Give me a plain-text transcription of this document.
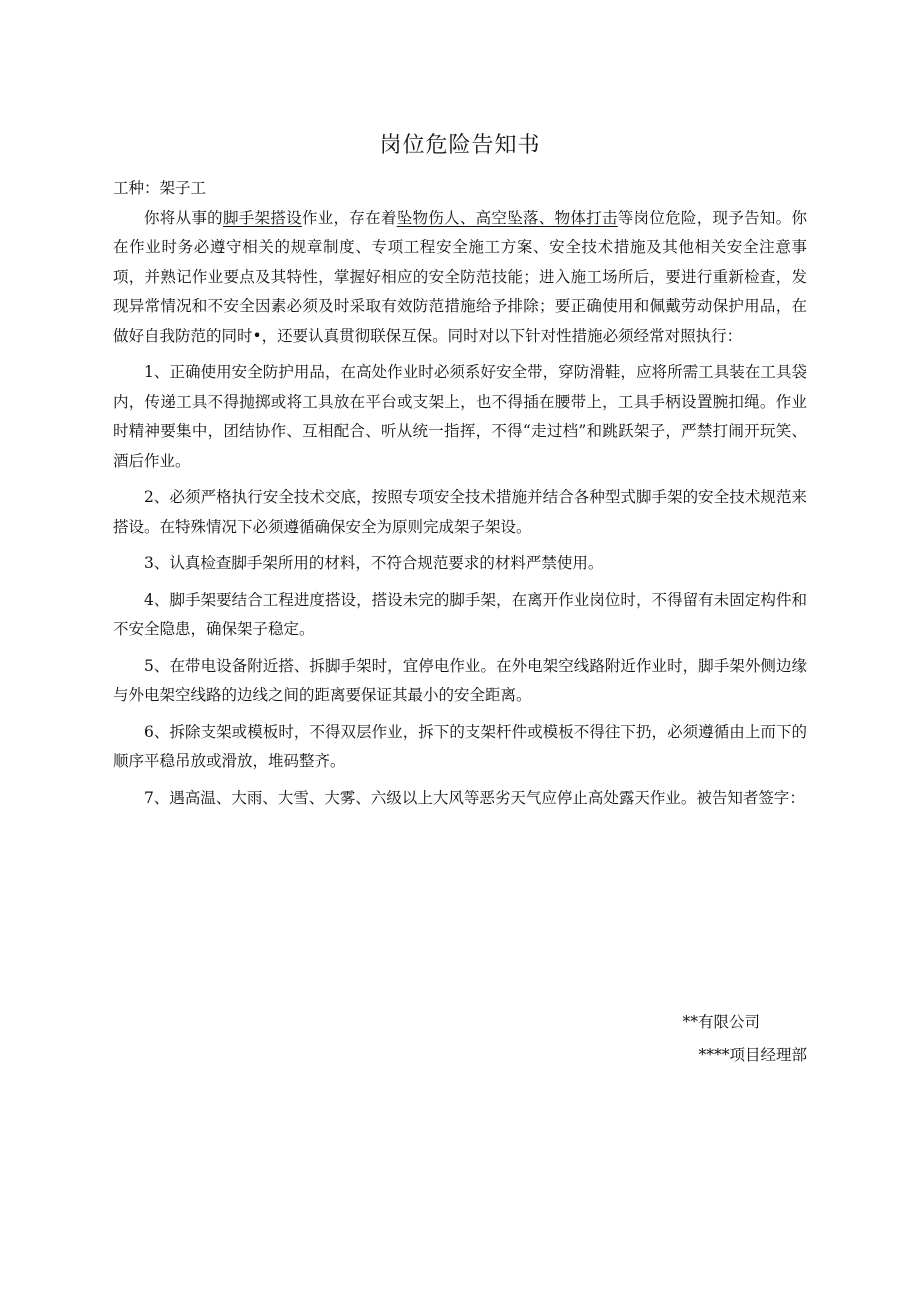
岗位危险告知书

工种：架子工

你将从事的脚手架搭设作业，存在着坠物伤人、高空坠落、物体打击等岗位危险，现予告知。你在作业时务必遵守相关的规章制度、专项工程安全施工方案、安全技术措施及其他相关安全注意事项，并熟记作业要点及其特性，掌握好相应的安全防范技能；进入施工场所后，要进行重新检查，发现异常情况和不安全因素必须及时采取有效防范措施给予排除；要正确使用和佩戴劳动保护用品，在做好自我防范的同时•，还要认真贯彻联保互保。同时对以下针对性措施必须经常对照执行：

1、正确使用安全防护用品，在高处作业时必须系好安全带，穿防滑鞋，应将所需工具装在工具袋内，传递工具不得抛掷或将工具放在平台或支架上，也不得插在腰带上，工具手柄设置腕扣绳。作业时精神要集中，团结协作、互相配合、听从统一指挥，不得“走过档”和跳跃架子，严禁打闹开玩笑、酒后作业。

2、必须严格执行安全技术交底，按照专项安全技术措施并结合各种型式脚手架的安全技术规范来搭设。在特殊情况下必须遵循确保安全为原则完成架子架设。

3、认真检查脚手架所用的材料，不符合规范要求的材料严禁使用。

4、脚手架要结合工程进度搭设，搭设未完的脚手架，在离开作业岗位时，不得留有未固定构件和不安全隐患，确保架子稳定。

5、在带电设备附近搭、拆脚手架时，宜停电作业。在外电架空线路附近作业时，脚手架外侧边缘与外电架空线路的边线之间的距离要保证其最小的安全距离。

6、拆除支架或模板时，不得双层作业，拆下的支架杆件或模板不得往下扔，必须遵循由上而下的顺序平稳吊放或滑放，堆码整齐。

7、遇高温、大雨、大雪、大雾、六级以上大风等恶劣天气应停止高处露天作业。被告知者签字：

**有限公司
****项目经理部
